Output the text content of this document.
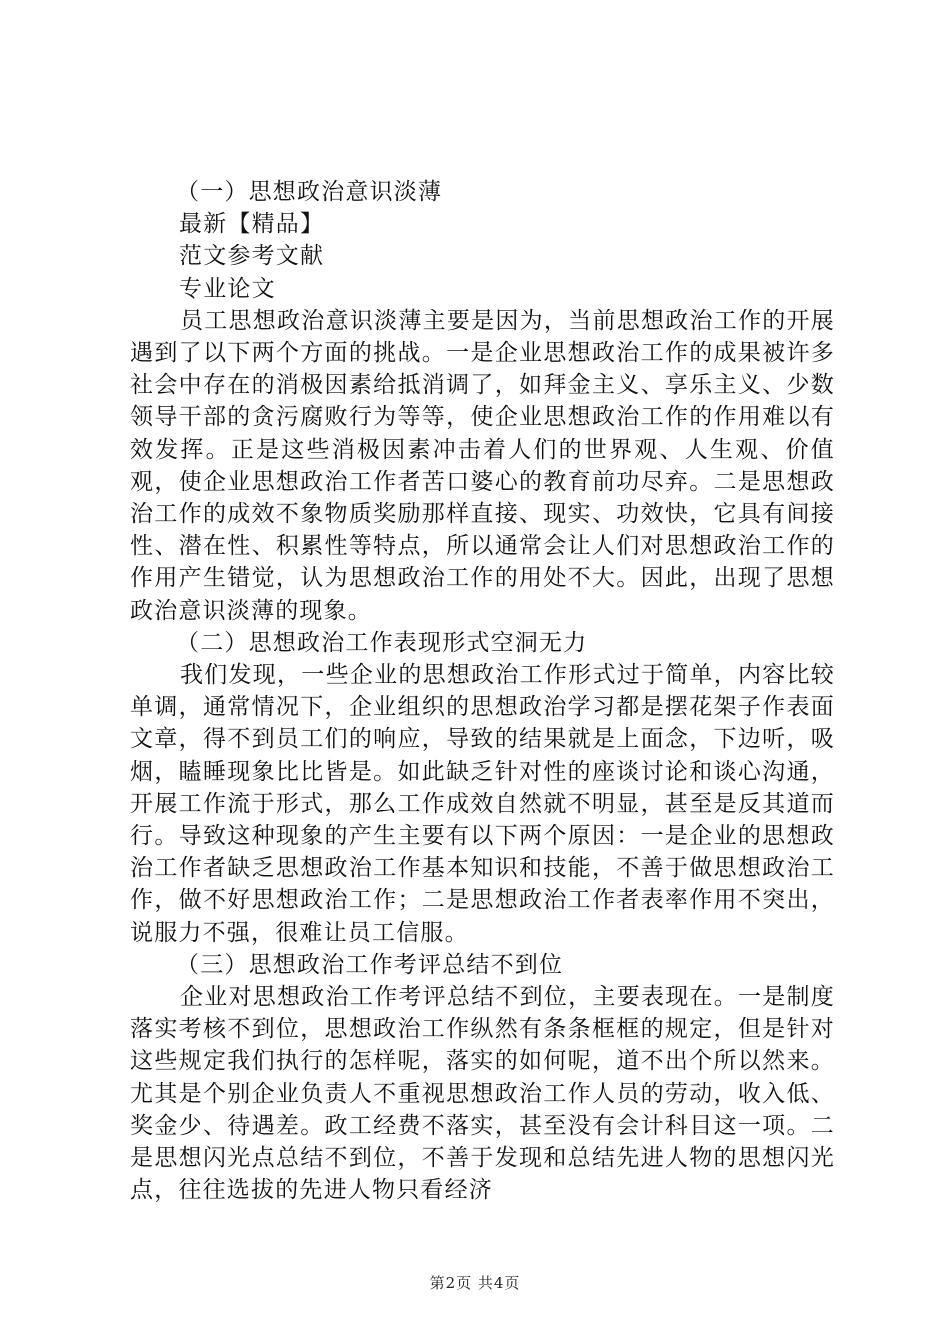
（一）思想政治意识淡薄

最新【精品】

范文参考文献

专业论文

员工思想政治意识淡薄主要是因为，当前思想政治工作的开展遇到了以下两个方面的挑战。一是企业思想政治工作的成果被许多社会中存在的消极因素给抵消调了，如拜金主义、享乐主义、少数领导干部的贪污腐败行为等等，使企业思想政治工作的作用难以有效发挥。正是这些消极因素冲击着人们的世界观、人生观、价值观，使企业思想政治工作者苦口婆心的教育前功尽弃。二是思想政治工作的成效不象物质奖励那样直接、现实、功效快，它具有间接性、潜在性、积累性等特点，所以通常会让人们对思想政治工作的作用产生错觉，认为思想政治工作的用处不大。因此，出现了思想政治意识淡薄的现象。

（二）思想政治工作表现形式空洞无力

我们发现，一些企业的思想政治工作形式过于简单，内容比较单调，通常情况下，企业组织的思想政治学习都是摆花架子作表面文章，得不到员工们的响应，导致的结果就是上面念，下边听，吸烟，瞌睡现象比比皆是。如此缺乏针对性的座谈讨论和谈心沟通，开展工作流于形式，那么工作成效自然就不明显，甚至是反其道而行。导致这种现象的产生主要有以下两个原因：一是企业的思想政治工作者缺乏思想政治工作基本知识和技能，不善于做思想政治工作，做不好思想政治工作；二是思想政治工作者表率作用不突出，说服力不强，很难让员工信服。

（三）思想政治工作考评总结不到位

企业对思想政治工作考评总结不到位，主要表现在。一是制度落实考核不到位，思想政治工作纵然有条条框框的规定，但是针对这些规定我们执行的怎样呢，落实的如何呢，道不出个所以然来。尤其是个别企业负责人不重视思想政治工作人员的劳动，收入低、奖金少、待遇差。政工经费不落实，甚至没有会计科目这一项。二是思想闪光点总结不到位，不善于发现和总结先进人物的思想闪光点，往往选拔的先进人物只看经济

第2页 共4页
